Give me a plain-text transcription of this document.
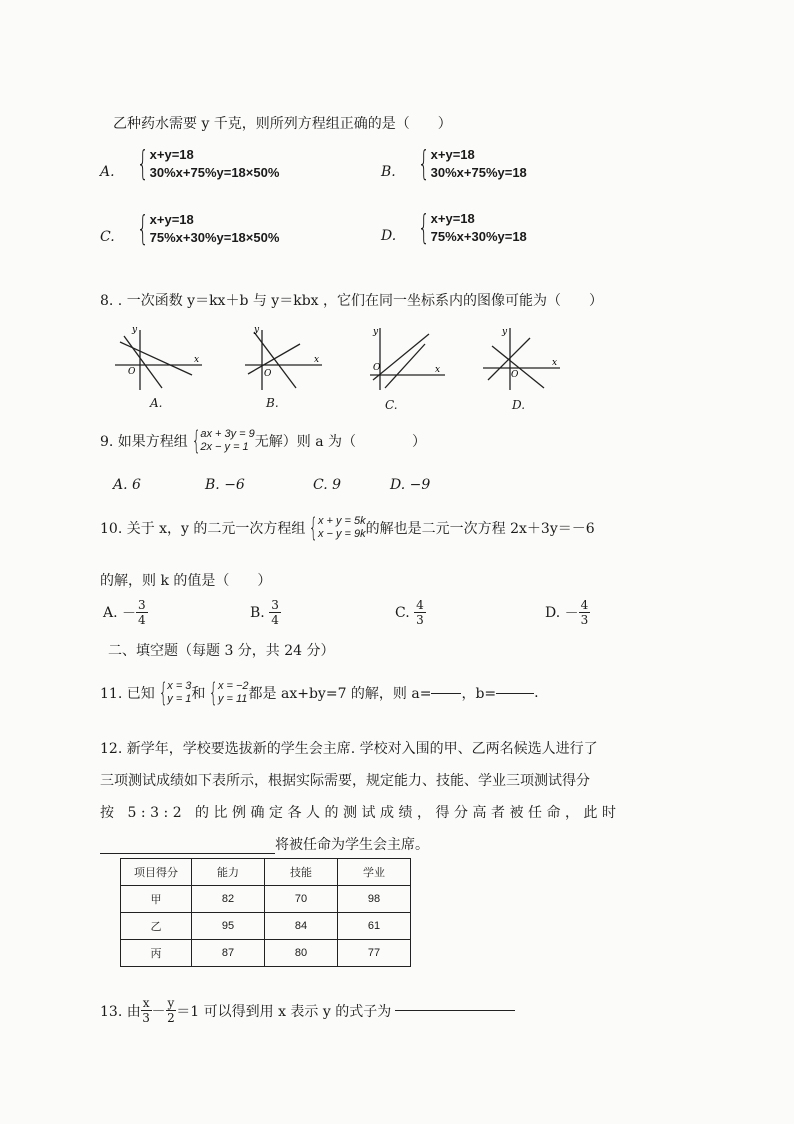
乙种药水需要 y 千克，则所列方程组正确的是（　　）
A. { x+y=18
30%x+75%y=18×50%	B. { x+y=18
30%x+75%y=18
C. { x+y=18
75%x+30%y=18×50%	D. { x+y=18
75%x+30%y=18
8. . 一次函数 y＝kx＋b 与 y＝kbx ，它们在同一坐标系内的图像可能为（　　）
y
x
O
A.
y
x
O
B.
y
x
O
C.
y
x
O
D.
9. 如果方程组 { ax + 3y = 9
2x − y = 1 无解）则 a 为（　　　　）
A. 6	B. −6	C. 9	D. −9
10. 关于 x，y 的二元一次方程组 { x + y = 5k
x − y = 9k 的解也是二元一次方程 2x＋3y＝－6
的解，则 k 的值是（　　）
A.
－ $\frac{3}{4}$	B.
$\frac{3}{4}$	C.
$\frac{4}{3}$	D.
－ $\frac{4}{3}$
二、填空题（每题 3 分，共 24 分）
11. 已知 { x = 3
y = 1 和 { x = −2
y = 11 都是 ax+by=7 的解，则 a= ，b=	.
12. 新学年，学校要选拔新的学生会主席. 学校对入围的甲、乙两名候选人进行了
三项测试成绩如下表所示，根据实际需要，规定能力、技能、学业三项测试得分
按 5:3:2 的比例确定各人的测试成绩，得分高者被任命，此时
将被任命为学生会主席。
项目得分	能力	技能	学业
甲	82	70	98
乙	95	84	61
丙	87	80	77
13. 由 $\frac{x}{3} - \frac{y}{2} =1$ 可以得到用 x 表示 y 的式子为
